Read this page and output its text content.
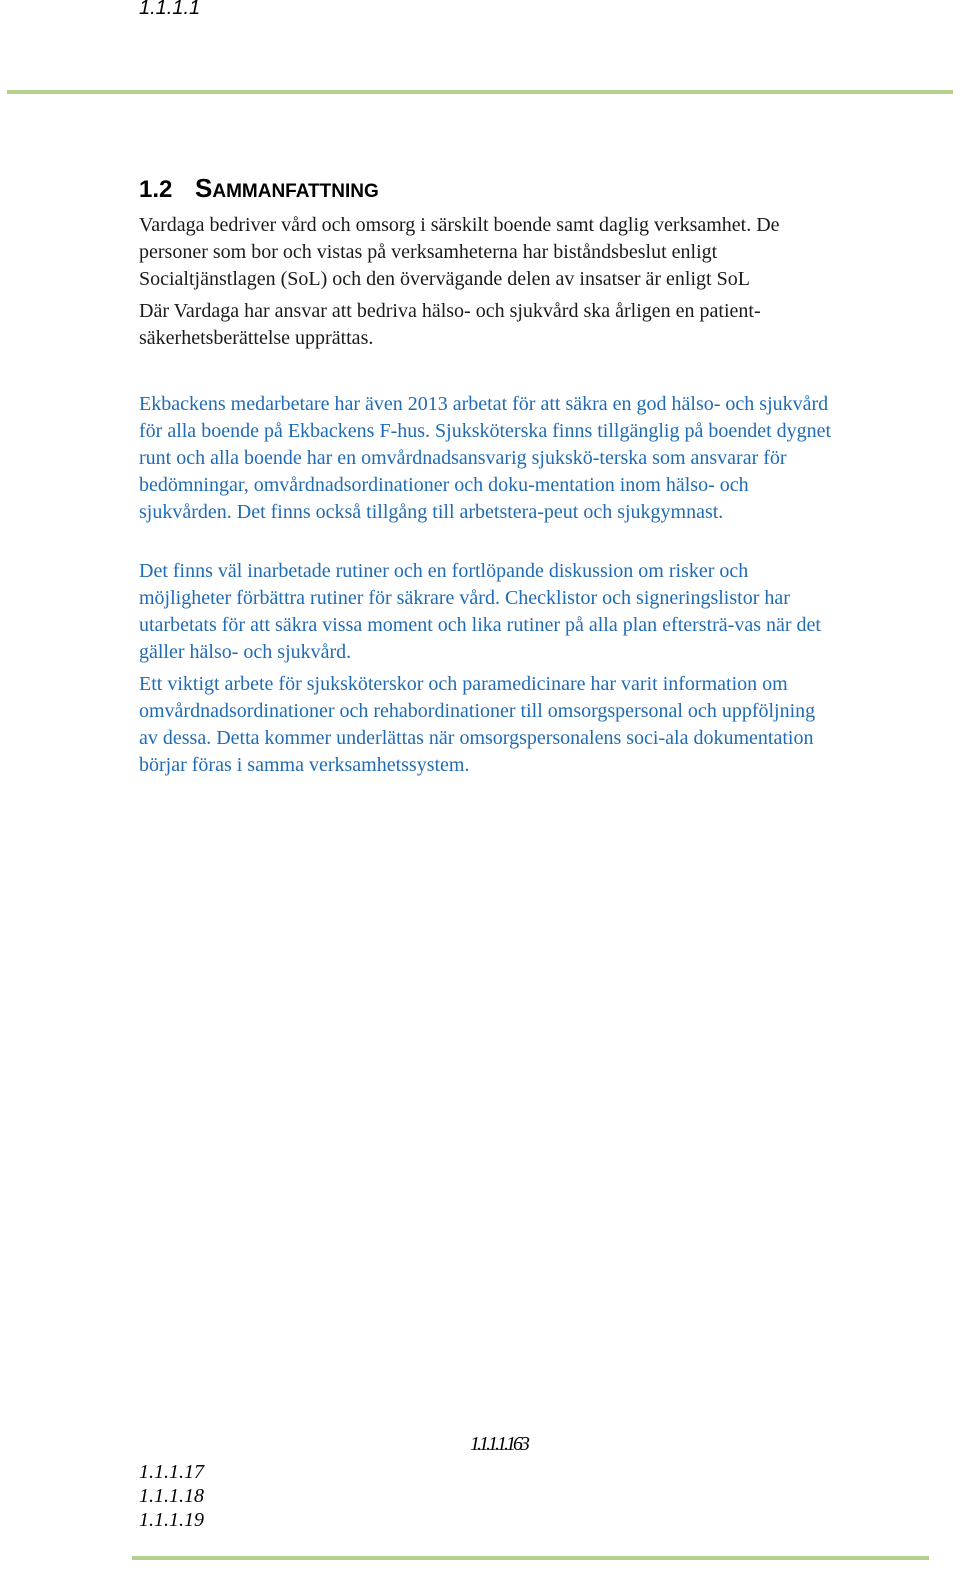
1.1.1.1

1.2 SAMMANFATTNING

Vardaga bedriver vård och omsorg i särskilt boende samt daglig verksamhet. De personer som bor och vistas på verksamheterna har biståndsbeslut enligt Socialtjänstlagen (SoL) och den övervägande delen av insatser är enligt SoL

Där Vardaga har ansvar att bedriva hälso- och sjukvård ska årligen en patient-säkerhetsberättelse upprättas.

Ekbackens medarbetare har även 2013 arbetat för att säkra en god hälso- och sjukvård för alla boende på Ekbackens F-hus. Sjuksköterska finns tillgänglig på boendet dygnet runt och alla boende har en omvårdnadsansvarig sjukskö-terska som ansvarar för bedömningar, omvårdnadsordinationer och doku-mentation inom hälso- och sjukvården. Det finns också tillgång till arbetstera-peut och sjukgymnast.

Det finns väl inarbetade rutiner och en fortlöpande diskussion om risker och möjligheter förbättra rutiner för säkrare vård. Checklistor och signeringslistor har utarbetats för att säkra vissa moment och lika rutiner på alla plan eftersträ-vas när det gäller hälso- och sjukvård.

Ett viktigt arbete för sjuksköterskor och paramedicinare har varit information om omvårdnadsordinationer och rehabordinationer till omsorgspersonal och uppföljning av dessa. Detta kommer underlättas när omsorgspersonalens soci-ala dokumentation börjar föras i samma verksamhetssystem.

1.1.1.1.163

1.1.1.17
1.1.1.18
1.1.1.19
